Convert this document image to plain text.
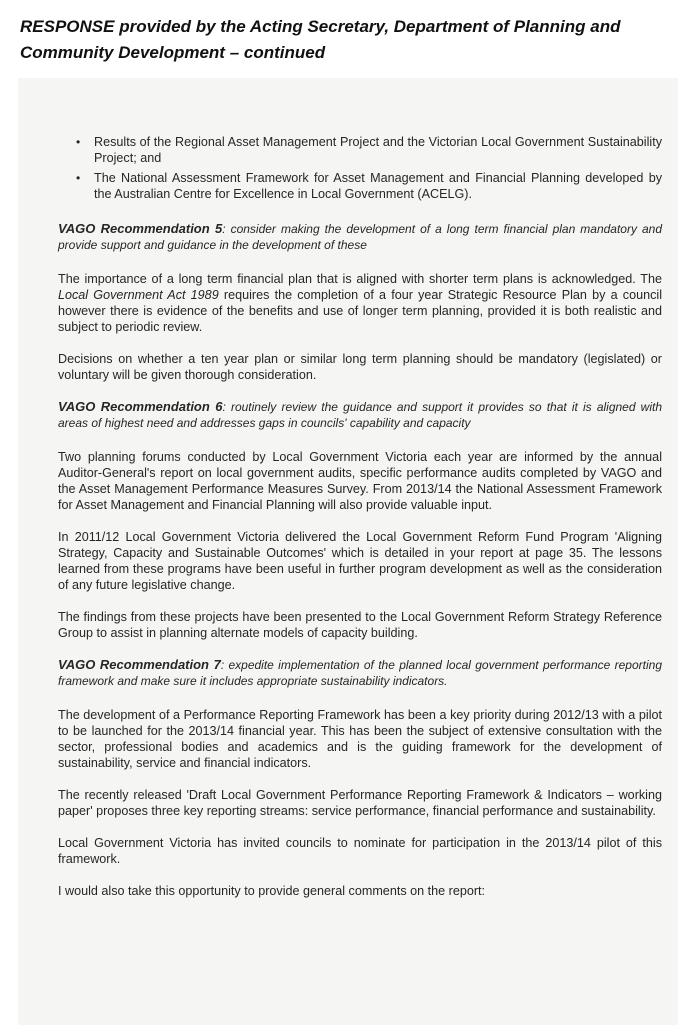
RESPONSE provided by the Acting Secretary, Department of Planning and
Community Development – continued
• Results of the Regional Asset Management Project and the Victorian Local Government Sustainability Project; and
• The National Assessment Framework for Asset Management and Financial Planning developed by the Australian Centre for Excellence in Local Government (ACELG).
VAGO Recommendation 5: consider making the development of a long term financial plan mandatory and provide support and guidance in the development of these

The importance of a long term financial plan that is aligned with shorter term plans is acknowledged. The Local Government Act 1989 requires the completion of a four year Strategic Resource Plan by a council however there is evidence of the benefits and use of longer term planning, provided it is both realistic and subject to periodic review.

Decisions on whether a ten year plan or similar long term planning should be mandatory (legislated) or voluntary will be given thorough consideration.

VAGO Recommendation 6: routinely review the guidance and support it provides so that it is aligned with areas of highest need and addresses gaps in councils' capability and capacity

Two planning forums conducted by Local Government Victoria each year are informed by the annual Auditor-General's report on local government audits, specific performance audits completed by VAGO and the Asset Management Performance Measures Survey. From 2013/14 the National Assessment Framework for Asset Management and Financial Planning will also provide valuable input.

In 2011/12 Local Government Victoria delivered the Local Government Reform Fund Program 'Aligning Strategy, Capacity and Sustainable Outcomes' which is detailed in your report at page 35. The lessons learned from these programs have been useful in further program development as well as the consideration of any future legislative change.

The findings from these projects have been presented to the Local Government Reform Strategy Reference Group to assist in planning alternate models of capacity building.

VAGO Recommendation 7: expedite implementation of the planned local government performance reporting framework and make sure it includes appropriate sustainability indicators.

The development of a Performance Reporting Framework has been a key priority during 2012/13 with a pilot to be launched for the 2013/14 financial year. This has been the subject of extensive consultation with the sector, professional bodies and academics and is the guiding framework for the development of sustainability, service and financial indicators.

The recently released 'Draft Local Government Performance Reporting Framework & Indicators – working paper' proposes three key reporting streams: service performance, financial performance and sustainability.

Local Government Victoria has invited councils to nominate for participation in the 2013/14 pilot of this framework.

I would also take this opportunity to provide general comments on the report:
